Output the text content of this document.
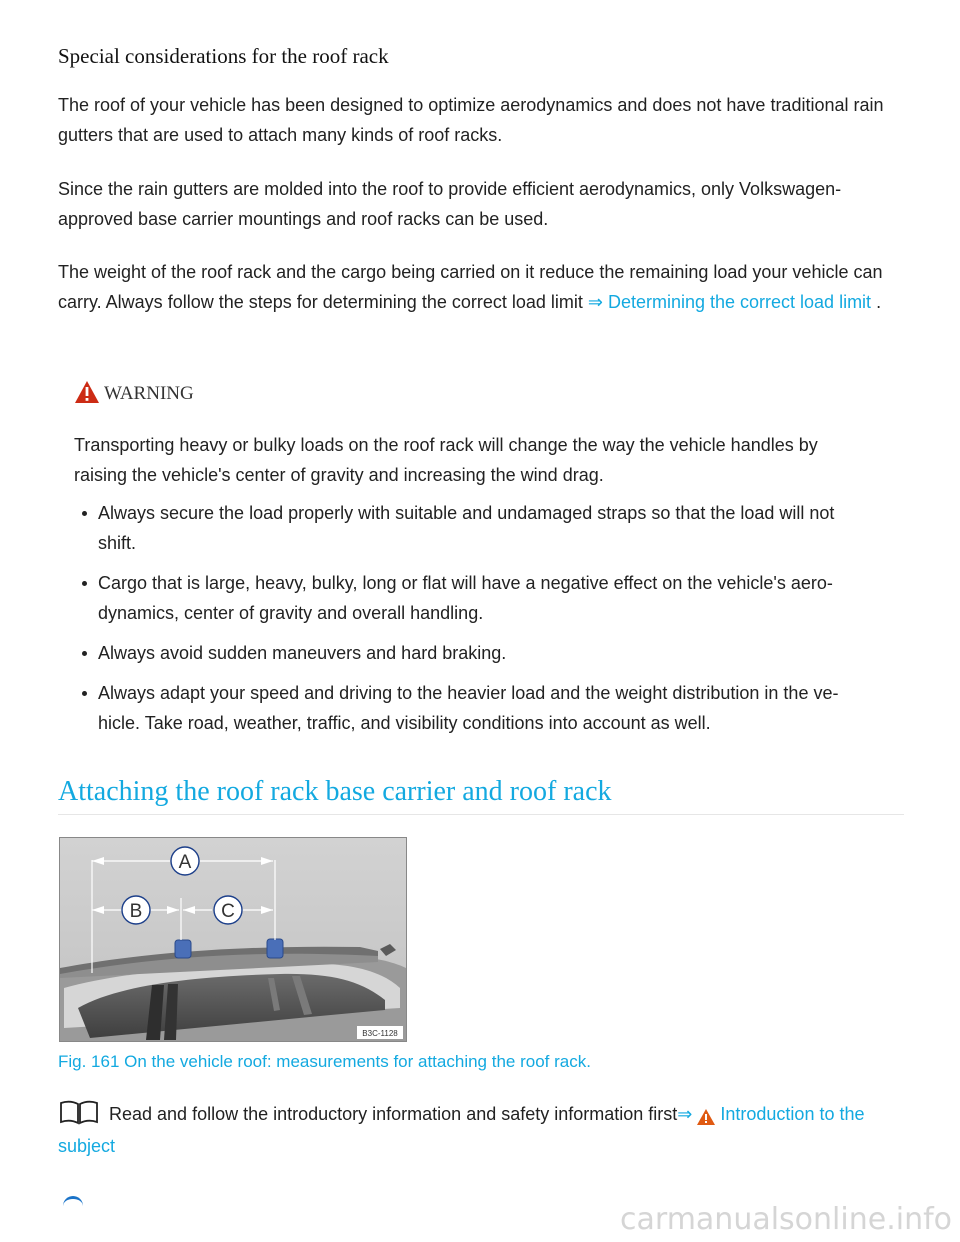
Special considerations for the roof rack

The roof of your vehicle has been designed to optimize aerodynamics and does not have traditional rain gutters that are used to attach many kinds of roof racks.

Since the rain gutters are molded into the roof to provide efficient aerodynamics, only Volkswagen-approved base carrier mountings and roof racks can be used.

The weight of the roof rack and the cargo being carried on it reduce the remaining load your vehicle can carry. Always follow the steps for determining the correct load limit ⇒ Determining the correct load limit .

WARNING

Transporting heavy or bulky loads on the roof rack will change the way the vehicle handles by raising the vehicle's center of gravity and increasing the wind drag.

Always secure the load properly with suitable and undamaged straps so that the load will not shift.
Cargo that is large, heavy, bulky, long or flat will have a negative effect on the vehicle's aero-dynamics, center of gravity and overall handling.
Always avoid sudden maneuvers and hard braking.
Always adapt your speed and driving to the heavier load and the weight distribution in the ve-hicle. Take road, weather, traffic, and visibility conditions into account as well.
Attaching the roof rack base carrier and roof rack
A
B	C
B3C-1128

Fig. 161 On the vehicle roof: measurements for attaching the roof rack.

Read and follow the introductory information and safety information first⇒ Introduction to the subject

carmanualsonline.info
